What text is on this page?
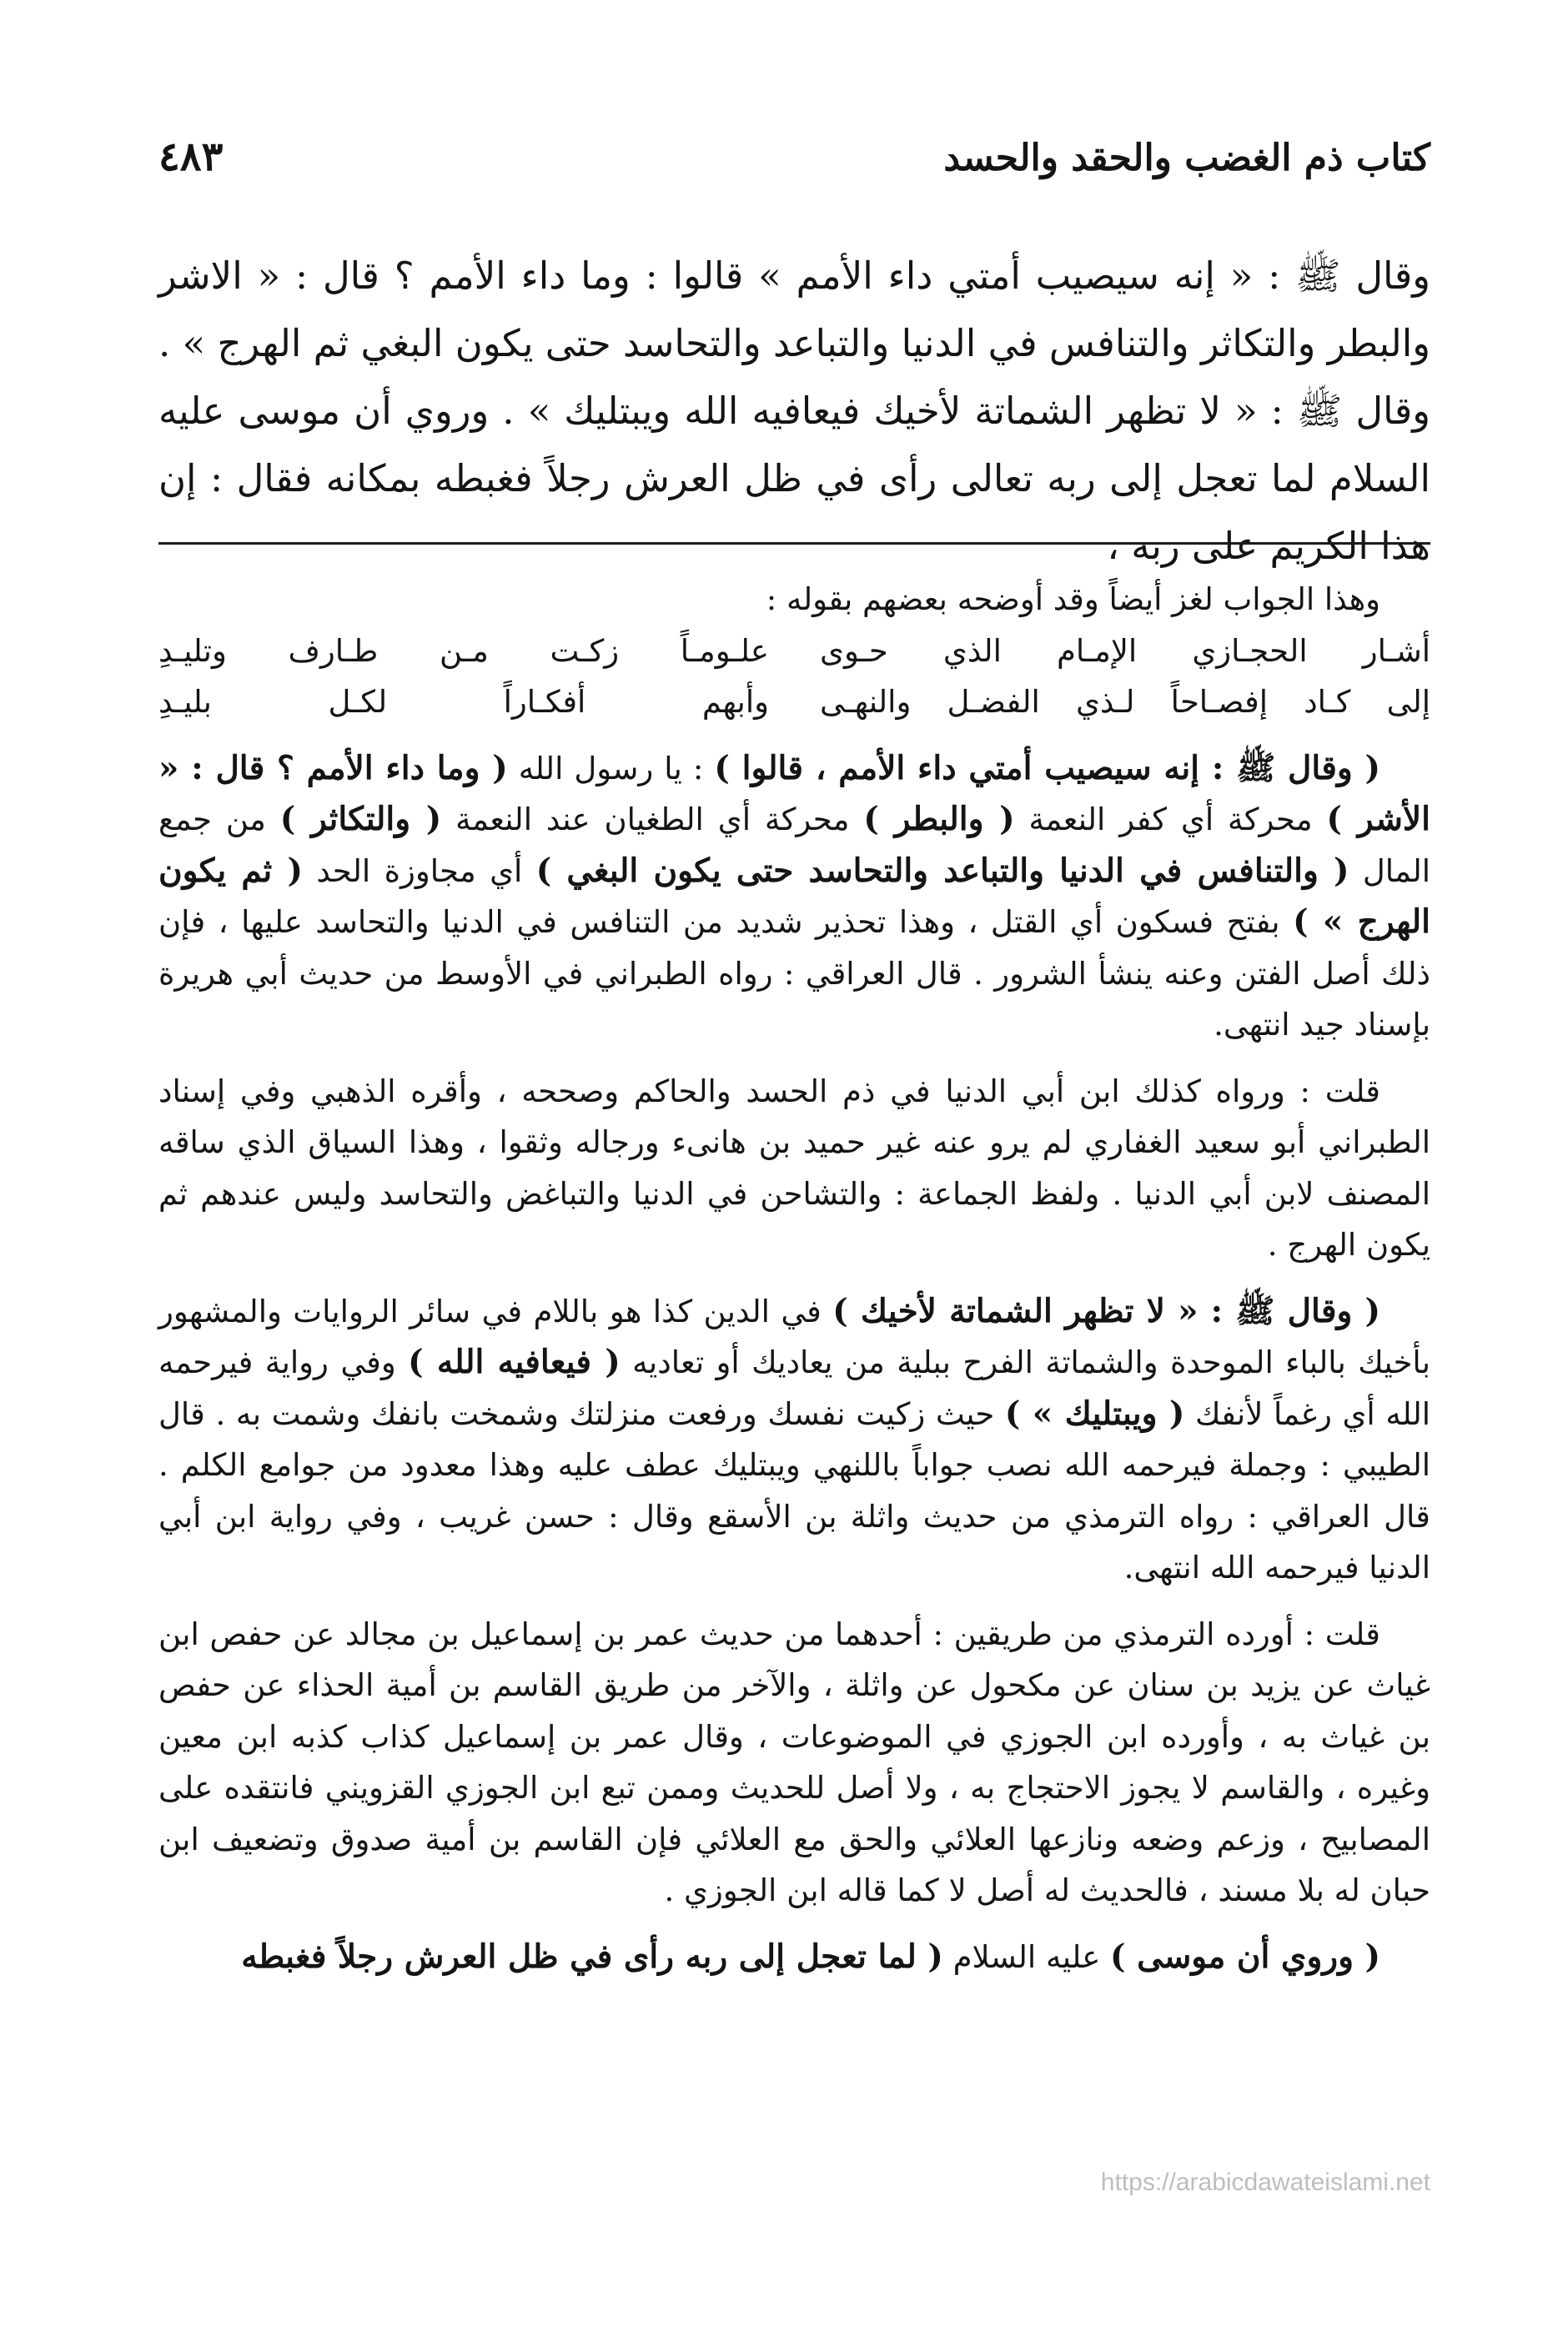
كتاب ذم الغضب والحقد والحسد
٤٨٣

وقال ﷺ : « إنه سيصيب أمتي داء الأمم » قالوا : وما داء الأمم ؟ قال : « الاشر والبطر والتكاثر والتنافس في الدنيا والتباعد والتحاسد حتى يكون البغي ثم الهرج » . وقال ﷺ : « لا تظهر الشماتة لأخيك فيعافيه الله ويبتليك » . وروي أن موسى عليه السلام لما تعجل إلى ربه تعالى رأى في ظل العرش رجلاً فغبطه بمكانه فقال : إن هذا الكريم على ربه ،

وهذا الجواب لغز أيضاً وقد أوضحه بعضهم بقوله :

أشـار الحجـازي الإمـام الذي حـوى
علـومـاً زكـت مـن طـارف وتليـدِ
إلى كـاد إفصـاحاً لـذي الفضـل والنهـى
وأبهم أفكـاراً لكـل بليـدِ

( وقال ﷺ : إنه سيصيب أمتي داء الأمم ، قالوا ) : يا رسول الله ( وما داء الأمم ؟ قال : « الأشر ) محركة أي كفر النعمة ( والبطر ) محركة أي الطغيان عند النعمة ( والتكاثر ) من جمع المال ( والتنافس في الدنيا والتباعد والتحاسد حتى يكون البغي ) أي مجاوزة الحد ( ثم يكون الهرج » ) بفتح فسكون أي القتل ، وهذا تحذير شديد من التنافس في الدنيا والتحاسد عليها ، فإن ذلك أصل الفتن وعنه ينشأ الشرور . قال العراقي : رواه الطبراني في الأوسط من حديث أبي هريرة بإسناد جيد انتهى.

قلت : ورواه كذلك ابن أبي الدنيا في ذم الحسد والحاكم وصححه ، وأقره الذهبي وفي إسناد الطبراني أبو سعيد الغفاري لم يرو عنه غير حميد بن هانىء ورجاله وثقوا ، وهذا السياق الذي ساقه المصنف لابن أبي الدنيا . ولفظ الجماعة : والتشاحن في الدنيا والتباغض والتحاسد وليس عندهم ثم يكون الهرج .

( وقال ﷺ : « لا تظهر الشماتة لأخيك ) في الدين كذا هو باللام في سائر الروايات والمشهور بأخيك بالباء الموحدة والشماتة الفرح ببلية من يعاديك أو تعاديه ( فيعافيه الله ) وفي رواية فيرحمه الله أي رغماً لأنفك ( ويبتليك » ) حيث زكيت نفسك ورفعت منزلتك وشمخت بانفك وشمت به . قال الطيبي : وجملة فيرحمه الله نصب جواباً باللنهي ويبتليك عطف عليه وهذا معدود من جوامع الكلم . قال العراقي : رواه الترمذي من حديث واثلة بن الأسقع وقال : حسن غريب ، وفي رواية ابن أبي الدنيا فيرحمه الله انتهى.

قلت : أورده الترمذي من طريقين : أحدهما من حديث عمر بن إسماعيل بن مجالد عن حفص ابن غياث عن يزيد بن سنان عن مكحول عن واثلة ، والآخر من طريق القاسم بن أمية الحذاء عن حفص بن غياث به ، وأورده ابن الجوزي في الموضوعات ، وقال عمر بن إسماعيل كذاب كذبه ابن معين وغيره ، والقاسم لا يجوز الاحتجاج به ، ولا أصل للحديث وممن تبع ابن الجوزي القزويني فانتقده على المصابيح ، وزعم وضعه ونازعها العلائي والحق مع العلائي فإن القاسم بن أمية صدوق وتضعيف ابن حبان له بلا مسند ، فالحديث له أصل لا كما قاله ابن الجوزي .

( وروي أن موسى ) عليه السلام ( لما تعجل إلى ربه رأى في ظل العرش رجلاً فغبطه

https://arabicdawateislami.net
